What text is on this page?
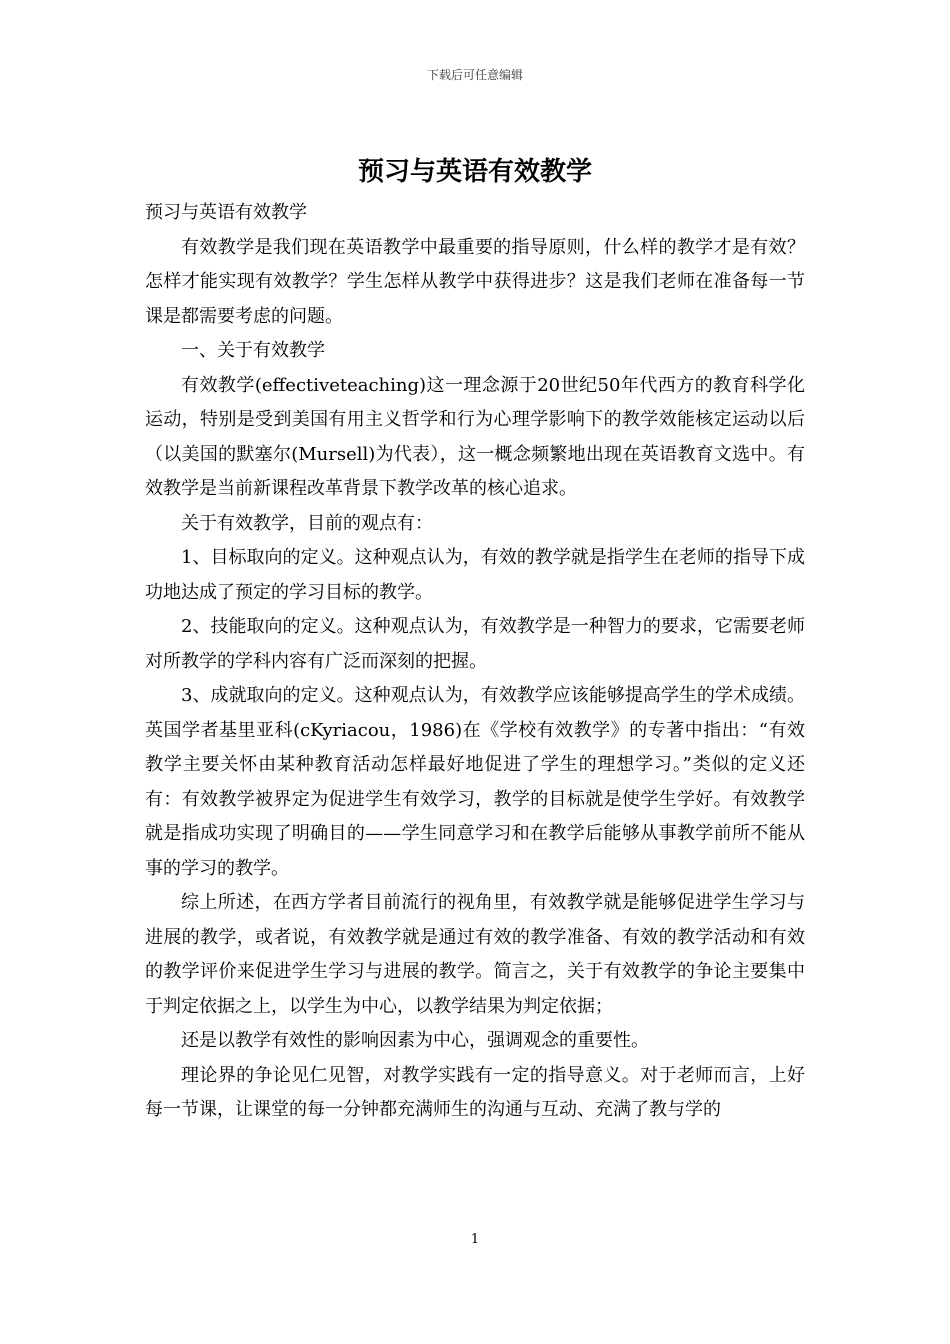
下载后可任意编辑
预习与英语有效教学

预习与英语有效教学

有效教学是我们现在英语教学中最重要的指导原则，什么样的教学才是有效？怎样才能实现有效教学？学生怎样从教学中获得进步？这是我们老师在准备每一节课是都需要考虑的问题。

一、关于有效教学

有效教学(effectiveteaching)这一理念源于20世纪50年代西方的教育科学化运动，特别是受到美国有用主义哲学和行为心理学影响下的教学效能核定运动以后（以美国的默塞尔(Mursell)为代表），这一概念频繁地出现在英语教育文选中。有效教学是当前新课程改革背景下教学改革的核心追求。

关于有效教学，目前的观点有：

1、目标取向的定义。这种观点认为，有效的教学就是指学生在老师的指导下成功地达成了预定的学习目标的教学。

2、技能取向的定义。这种观点认为，有效教学是一种智力的要求，它需要老师对所教学的学科内容有广泛而深刻的把握。

3、成就取向的定义。这种观点认为，有效教学应该能够提高学生的学术成绩。英国学者基里亚科(cKyriacou，1986)在《学校有效教学》的专著中指出：“有效教学主要关怀由某种教育活动怎样最好地促进了学生的理想学习。”类似的定义还有：有效教学被界定为促进学生有效学习，教学的目标就是使学生学好。有效教学就是指成功实现了明确目的——学生同意学习和在教学后能够从事教学前所不能从事的学习的教学。

综上所述，在西方学者目前流行的视角里，有效教学就是能够促进学生学习与进展的教学，或者说，有效教学就是通过有效的教学准备、有效的教学活动和有效的教学评价来促进学生学习与进展的教学。简言之，关于有效教学的争论主要集中于判定依据之上，以学生为中心，以教学结果为判定依据；

还是以教学有效性的影响因素为中心，强调观念的重要性。

理论界的争论见仁见智，对教学实践有一定的指导意义。对于老师而言，上好每一节课，让课堂的每一分钟都充满师生的沟通与互动、充满了教与学的

1
